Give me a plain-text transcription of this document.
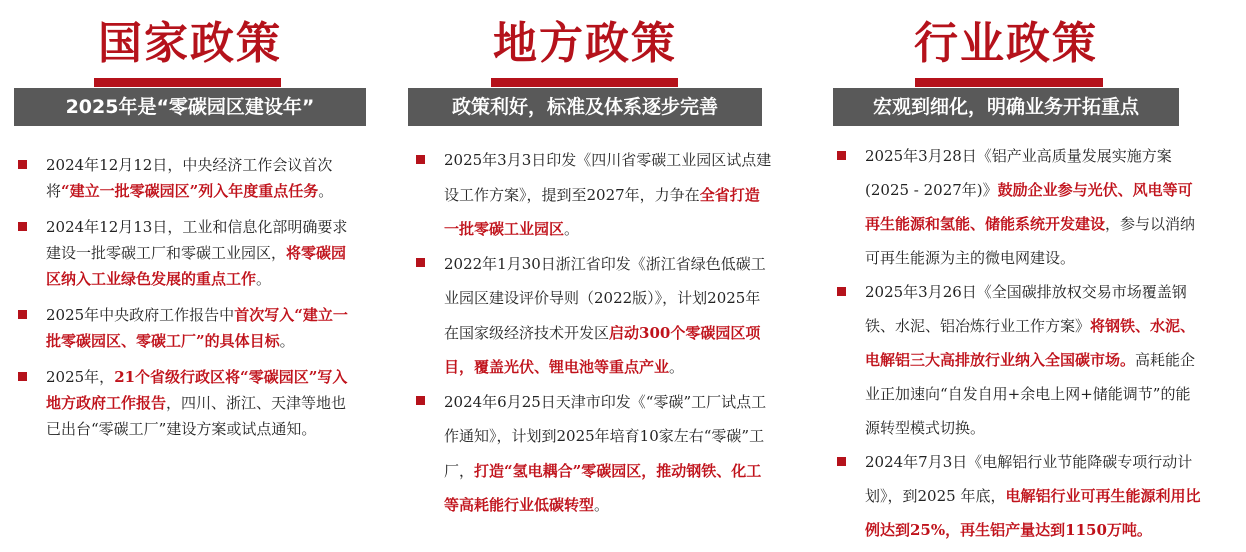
国家政策
2025年是“零碳园区建设年”
2024年12月12日，中央经济工作会议首次将“建立一批零碳园区”列入年度重点任务。
2024年12月13日，工业和信息化部明确要求建设一批零碳工厂和零碳工业园区，将零碳园区纳入工业绿色发展的重点工作。
2025年中央政府工作报告中首次写入“建立一批零碳园区、零碳工厂”的具体目标。
2025年，21个省级行政区将“零碳园区”写入地方政府工作报告，四川、浙江、天津等地也已出台“零碳工厂”建设方案或试点通知。
地方政策
政策利好，标准及体系逐步完善
2025年3月3日印发《四川省零碳工业园区试点建设工作方案》，提到至2027年，力争在全省打造一批零碳工业园区。
2022年1月30日浙江省印发《浙江省绿色低碳工业园区建设评价导则（2022版）》，计划2025年在国家级经济技术开发区启动300个零碳园区项目，覆盖光伏、锂电池等重点产业。
2024年6月25日天津市印发《“零碳”工厂试点工作通知》，计划到2025年培育10家左右“零碳”工厂，打造“氢电耦合”零碳园区，推动钢铁、化工等高耗能行业低碳转型。
行业政策
宏观到细化，明确业务开拓重点
2025年3月28日《铝产业高质量发展实施方案(2025 - 2027年)》鼓励企业参与光伏、风电等可再生能源和氢能、储能系统开发建设，参与以消纳可再生能源为主的微电网建设。
2025年3月26日《全国碳排放权交易市场覆盖钢铁、水泥、铝冶炼行业工作方案》将钢铁、水泥、电解铝三大高排放行业纳入全国碳市场。高耗能企业正加速向“自发自用+余电上网+储能调节”的能源转型模式切换。
2024年7月3日《电解铝行业节能降碳专项行动计划》，到2025 年底，电解铝行业可再生能源利用比例达到25%，再生铝产量达到1150万吨。
